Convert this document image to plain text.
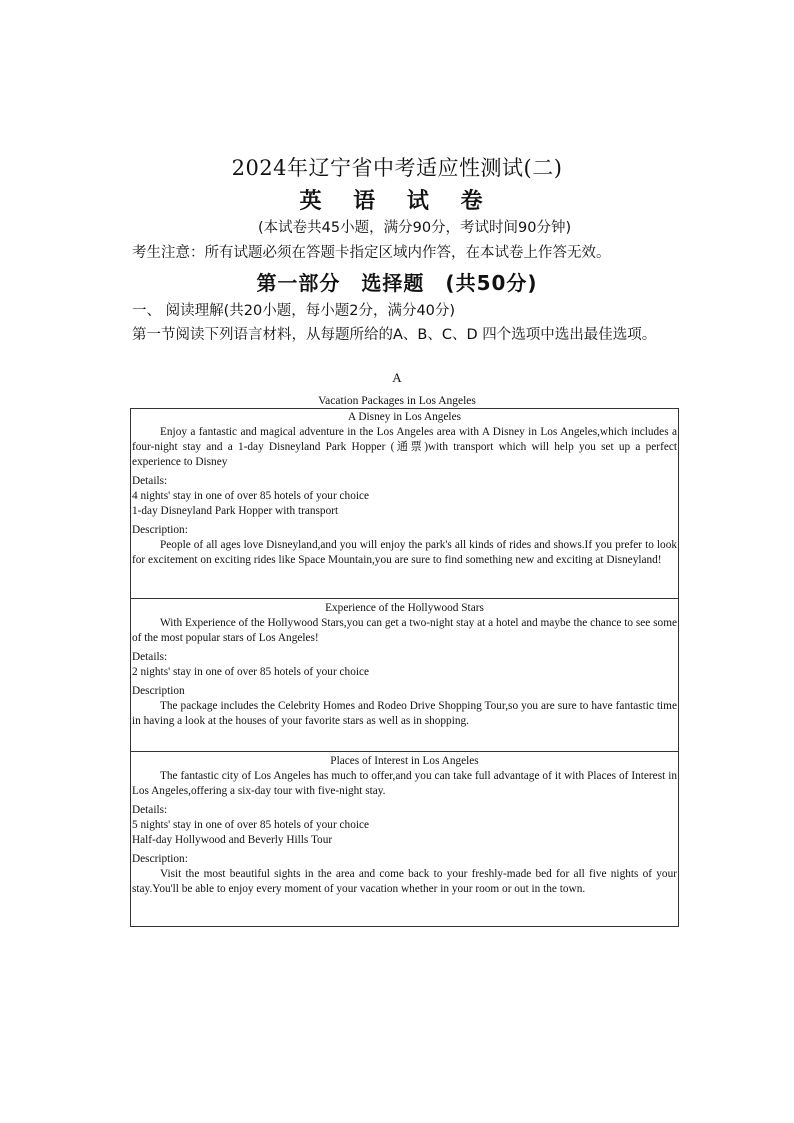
2024年辽宁省中考适应性测试(二)
英 语 试 卷
(本试卷共45小题，满分90分，考试时间90分钟)
考生注意：所有试题必须在答题卡指定区域内作答，在本试卷上作答无效。
第一部分　选择题　(共50分)
一、 阅读理解(共20小题，每小题2分，满分40分)
第一节阅读下列语言材料，从每题所给的A、B、C、D 四个选项中选出最佳选项。
A
Vacation Packages in Los Angeles
A Disney in Los Angeles

Enjoy a fantastic and magical adventure in the Los Angeles area with A Disney in Los Angeles,which includes a four-night stay and a 1-day Disneyland Park Hopper (通票)with transport which will help you set up a perfect experience to Disney

Details:

4 nights' stay in one of over 85 hotels of your choice

1-day Disneyland Park Hopper with transport

Description:

People of all ages love Disneyland,and you will enjoy the park's all kinds of rides and shows.If you prefer to look for excitement on exciting rides like Space Mountain,you are sure to find something new and exciting at Disneyland!

Experience of the Hollywood Stars

With Experience of the Hollywood Stars,you can get a two-night stay at a hotel and maybe the chance to see some of the most popular stars of Los Angeles!

Details:

2 nights' stay in one of over 85 hotels of your choice

Description

The package includes the Celebrity Homes and Rodeo Drive Shopping Tour,so you are sure to have fantastic time in having a look at the houses of your favorite stars as well as in shopping.

Places of Interest in Los Angeles

The fantastic city of Los Angeles has much to offer,and you can take full advantage of it with Places of Interest in Los Angeles,offering a six-day tour with five-night stay.

Details:

5 nights' stay in one of over 85 hotels of your choice

Half-day Hollywood and Beverly Hills Tour

Description:

Visit the most beautiful sights in the area and come back to your freshly-made bed for all five nights of your stay.You'll be able to enjoy every moment of your vacation whether in your room or out in the town.
